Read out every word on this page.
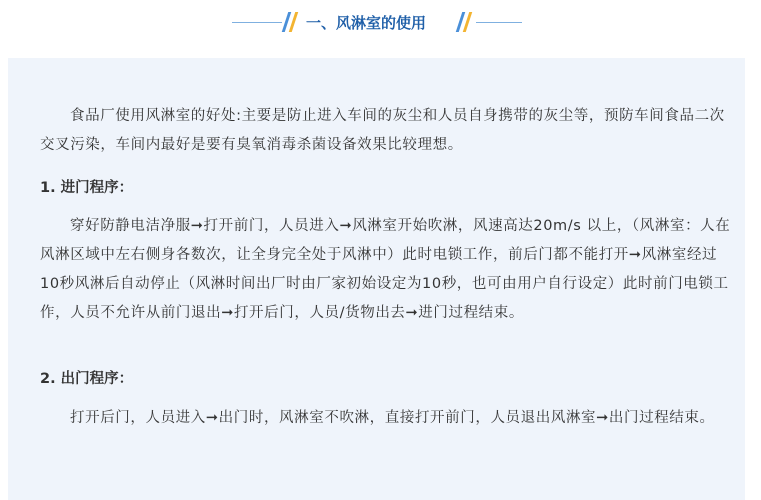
一、风淋室的使用

食品厂使用风淋室的好处:主要是防止进入车间的灰尘和人员自身携带的灰尘等，预防车间食品二次交叉污染，车间内最好是要有臭氧消毒杀菌设备效果比较理想。

1. 进门程序：

穿好防静电洁净服➞打开前门，人员进入➞风淋室开始吹淋，风速高达20m/s 以上，（风淋室：人在风淋区域中左右侧身各数次，让全身完全处于风淋中）此时电锁工作，前后门都不能打开➞风淋室经过10秒风淋后自动停止（风淋时间出厂时由厂家初始设定为10秒，也可由用户自行设定）此时前门电锁工作，人员不允许从前门退出➞打开后门，人员/货物出去➞进门过程结束。

2. 出门程序：

打开后门，人员进入➞出门时，风淋室不吹淋，直接打开前门，人员退出风淋室➞出门过程结束。
